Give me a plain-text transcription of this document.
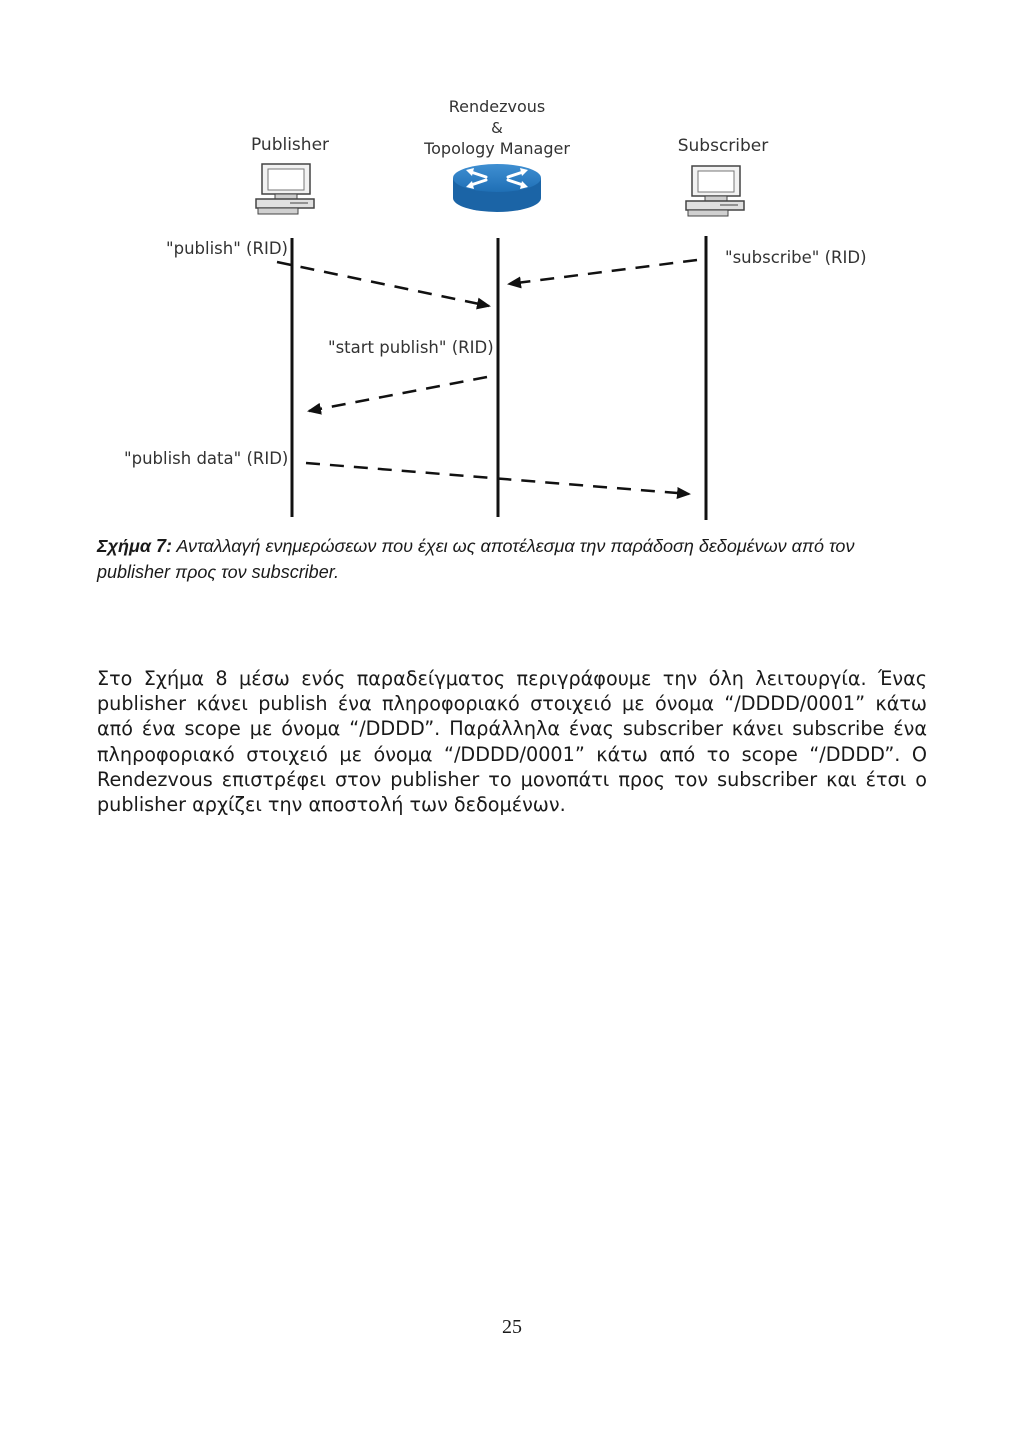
Publisher
Rendezvous
&
Topology Manager	Subscriber
"publish" (RID)	"subscribe" (RID)
"start publish" (RID)
"publish data" (RID)
Σχήμα 7: Ανταλλαγή ενημερώσεων που έχει ως αποτέλεσμα την παράδοση δεδομένων από τον publisher προς τον subscriber.

Στο Σχήμα 8 μέσω ενός παραδείγματος περιγράφουμε την όλη λειτουργία. Ένας publisher κάνει publish ένα πληροφοριακό στοιχειό με όνομα “/DDDD/0001” κάτω από ένα scope με όνομα “/DDDD”. Παράλληλα ένας subscriber κάνει subscribe ένα πληροφοριακό στοιχειό με όνομα “/DDDD/0001” κάτω από το scope “/DDDD”. Ο Rendezvous επιστρέφει στον publisher το μονοπάτι προς τον subscriber και έτσι ο publisher αρχίζει την αποστολή των δεδομένων.

25
